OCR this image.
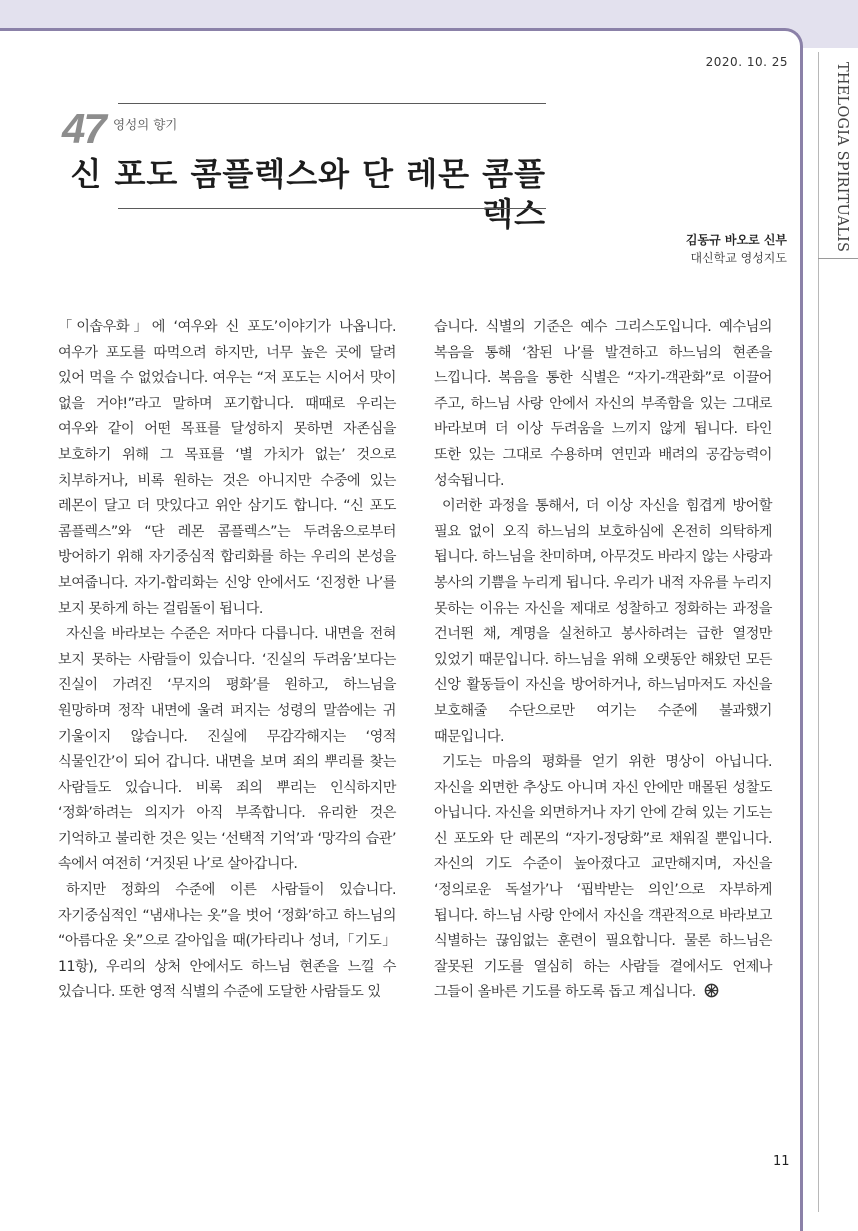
THELOGIA SPIRITUALIS
2020. 10. 25
47 영성의 향기
신 포도 콤플렉스와 단 레몬 콤플렉스
김동규 바오로 신부
대신학교 영성지도

「이솝우화」에 ‘여우와 신 포도’이야기가 나옵니다. 여우가 포도를 따먹으려 하지만, 너무 높은 곳에 달려 있어 먹을 수 없었습니다. 여우는 “저 포도는 시어서 맛이 없을 거야!”라고 말하며 포기합니다. 때때로 우리는 여우와 같이 어떤 목표를 달성하지 못하면 자존심을 보호하기 위해 그 목표를 ‘별 가치가 없는’ 것으로 치부하거나, 비록 원하는 것은 아니지만 수중에 있는 레몬이 달고 더 맛있다고 위안 삼기도 합니다. “신 포도 콤플렉스”와 “단 레몬 콤플렉스”는 두려움으로부터 방어하기 위해 자기중심적 합리화를 하는 우리의 본성을 보여줍니다. 자기-합리화는 신앙 안에서도 ‘진정한 나’를 보지 못하게 하는 걸림돌이 됩니다.

자신을 바라보는 수준은 저마다 다릅니다. 내면을 전혀 보지 못하는 사람들이 있습니다. ‘진실의 두려움’보다는 진실이 가려진 ‘무지의 평화’를 원하고, 하느님을 원망하며 정작 내면에 울려 퍼지는 성령의 말씀에는 귀 기울이지 않습니다. 진실에 무감각해지는 ‘영적 식물인간’이 되어 갑니다. 내면을 보며 죄의 뿌리를 찾는 사람들도 있습니다. 비록 죄의 뿌리는 인식하지만 ‘정화’하려는 의지가 아직 부족합니다. 유리한 것은 기억하고 불리한 것은 잊는 ‘선택적 기억’과 ‘망각의 습관’ 속에서 여전히 ‘거짓된 나’로 살아갑니다.

하지만 정화의 수준에 이른 사람들이 있습니다. 자기중심적인 “냄새나는 옷”을 벗어 ‘정화’하고 하느님의 “아름다운 옷”으로 갈아입을 때(가타리나 성녀,「기도」 11항), 우리의 상처 안에서도 하느님 현존을 느낄 수 있습니다. 또한 영적 식별의 수준에 도달한 사람들도 있

습니다. 식별의 기준은 예수 그리스도입니다. 예수님의 복음을 통해 ‘참된 나’를 발견하고 하느님의 현존을 느낍니다. 복음을 통한 식별은 “자기-객관화”로 이끌어 주고, 하느님 사랑 안에서 자신의 부족함을 있는 그대로 바라보며 더 이상 두려움을 느끼지 않게 됩니다. 타인 또한 있는 그대로 수용하며 연민과 배려의 공감능력이 성숙됩니다.

이러한 과정을 통해서, 더 이상 자신을 힘겹게 방어할 필요 없이 오직 하느님의 보호하심에 온전히 의탁하게 됩니다. 하느님을 찬미하며, 아무것도 바라지 않는 사랑과 봉사의 기쁨을 누리게 됩니다. 우리가 내적 자유를 누리지 못하는 이유는 자신을 제대로 성찰하고 정화하는 과정을 건너뛴 채, 계명을 실천하고 봉사하려는 급한 열정만 있었기 때문입니다. 하느님을 위해 오랫동안 해왔던 모든 신앙 활동들이 자신을 방어하거나, 하느님마저도 자신을 보호해줄 수단으로만 여기는 수준에 불과했기 때문입니다.

기도는 마음의 평화를 얻기 위한 명상이 아닙니다. 자신을 외면한 추상도 아니며 자신 안에만 매몰된 성찰도 아닙니다. 자신을 외면하거나 자기 안에 갇혀 있는 기도는 신 포도와 단 레몬의 “자기-정당화”로 채워질 뿐입니다. 자신의 기도 수준이 높아졌다고 교만해지며, 자신을 ‘정의로운 독설가’나 ‘핍박받는 의인’으로 자부하게 됩니다. 하느님 사랑 안에서 자신을 객관적으로 바라보고 식별하는 끊임없는 훈련이 필요합니다. 물론 하느님은 잘못된 기도를 열심히 하는 사람들 곁에서도 언제나 그들이 올바른 기도를 하도록 돕고 계십니다.

11
